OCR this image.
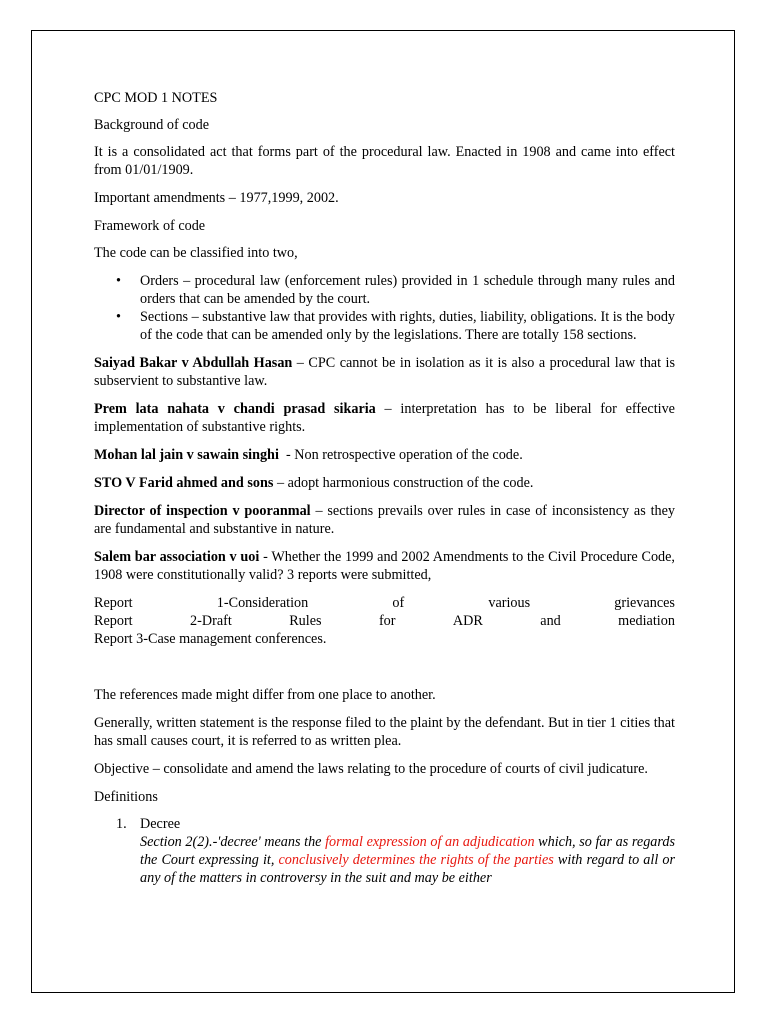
CPC MOD 1 NOTES

Background of code

It is a consolidated act that forms part of the procedural law. Enacted in 1908 and came into effect from 01/01/1909.

Important amendments – 1977,1999, 2002.

Framework of code

The code can be classified into two,

• Orders – procedural law (enforcement rules) provided in 1 schedule through many rules and orders that can be amended by the court.
• Sections – substantive law that provides with rights, duties, liability, obligations. It is the body of the code that can be amended only by the legislations. There are totally 158 sections.

Saiyad Bakar v Abdullah Hasan – CPC cannot be in isolation as it is also a procedural law that is subservient to substantive law.

Prem lata nahata v chandi prasad sikaria – interpretation has to be liberal for effective implementation of substantive rights.

Mohan lal jain v sawain singhi  - Non retrospective operation of the code.

STO V Farid ahmed and sons – adopt harmonious construction of the code.

Director of inspection v pooranmal – sections prevails over rules in case of inconsistency as they are fundamental and substantive in nature.

Salem bar association v uoi - Whether the 1999 and 2002 Amendments to the Civil Procedure Code, 1908 were constitutionally valid? 3 reports were submitted,

Report	1-Consideration	of	various	grievances
Report	2-Draft	Rules	for	ADR	and	mediation
Report 3-Case management conferences.

The references made might differ from one place to another.

Generally, written statement is the response filed to the plaint by the defendant. But in tier 1 cities that has small causes court, it is referred to as written plea.

Objective – consolidate and amend the laws relating to the procedure of courts of civil judicature.

Definitions

1. Decree
Section 2(2).-'decree' means the formal expression of an adjudication which, so far as regards the Court expressing it, conclusively determines the rights of the parties with regard to all or any of the matters in controversy in the suit and may be either
